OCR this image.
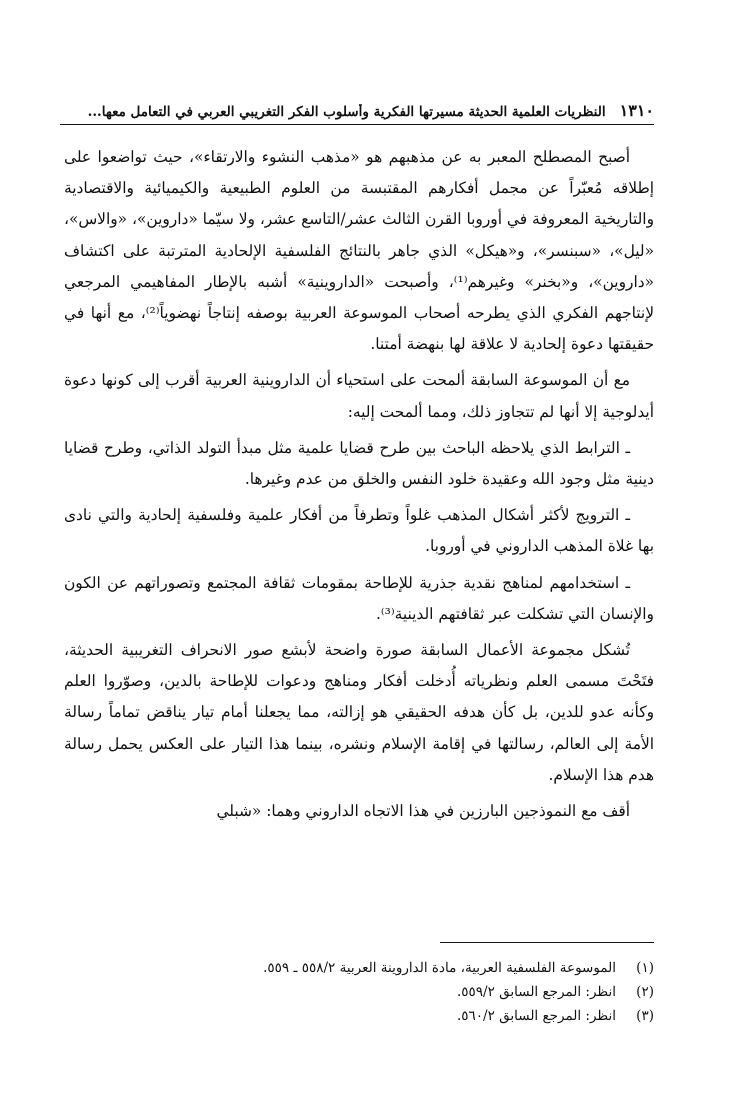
١٣١٠
النظريات العلمية الحديثة مسيرتها الفكرية وأسلوب الفكر التغريبي العربي في التعامل معها...

أصبح المصطلح المعبر به عن مذهبهم هو «مذهب النشوء والارتقاء»، حيث تواضعوا على إطلاقه مُعبّراً عن مجمل أفكارهم المقتبسة من العلوم الطبيعية والكيميائية والاقتصادية والتاريخية المعروفة في أوروبا القرن الثالث عشر/التاسع عشر، ولا سيّما «داروين»، «والاس»، «ليل»، «سبنسر»، و«هيكل» الذي جاهر بالنتائج الفلسفية الإلحادية المترتبة على اكتشاف «داروين»، و«بخنر» وغيرهم⁽¹⁾، وأصبحت «الداروينية» أشبه بالإطار المفاهيمي المرجعي لإنتاجهم الفكري الذي يطرحه أصحاب الموسوعة العربية بوصفه إنتاجاً نهضوياً⁽²⁾، مع أنها في حقيقتها دعوة إلحادية لا علاقة لها بنهضة أمتنا.

مع أن الموسوعة السابقة ألمحت على استحياء أن الداروينية العربية أقرب إلى كونها دعوة أيدلوجية إلا أنها لم تتجاوز ذلك، ومما ألمحت إليه:

ـ الترابط الذي يلاحظه الباحث بين طرح قضايا علمية مثل مبدأ التولد الذاتي، وطرح قضايا دينية مثل وجود الله وعقيدة خلود النفس والخلق من عدم وغيرها.

ـ الترويج لأكثر أشكال المذهب غلواً وتطرفاً من أفكار علمية وفلسفية إلحادية والتي نادى بها غلاة المذهب الداروني في أوروبا.

ـ استخدامهم لمناهج نقدية جذرية للإطاحة بمقومات ثقافة المجتمع وتصوراتهم عن الكون والإنسان التي تشكلت عبر ثقافتهم الدينية⁽³⁾.

تُشكل مجموعة الأعمال السابقة صورة واضحة لأبشع صور الانحراف التغريبية الحديثة، فتَحْتَ مسمى العلم ونظرياته أُدخلت أفكار ومناهج ودعوات للإطاحة بالدين، وصوّروا العلم وكأنه عدو للدين، بل كأن هدفه الحقيقي هو إزالته، مما يجعلنا أمام تيار يناقض تماماً رسالة الأمة إلى العالم، رسالتها في إقامة الإسلام ونشره، بينما هذا التيار على العكس يحمل رسالة هدم هذا الإسلام.

أقف مع النموذجين البارزين في هذا الاتجاه الداروني وهما: «شبلي

(١)
الموسوعة الفلسفية العربية، مادة الداروينة العربية ٥٥٨/٢ ـ ٥٥٩.
(٢)
انظر: المرجع السابق ٥٥٩/٢.
(٣)
انظر: المرجع السابق ٥٦٠/٢.
